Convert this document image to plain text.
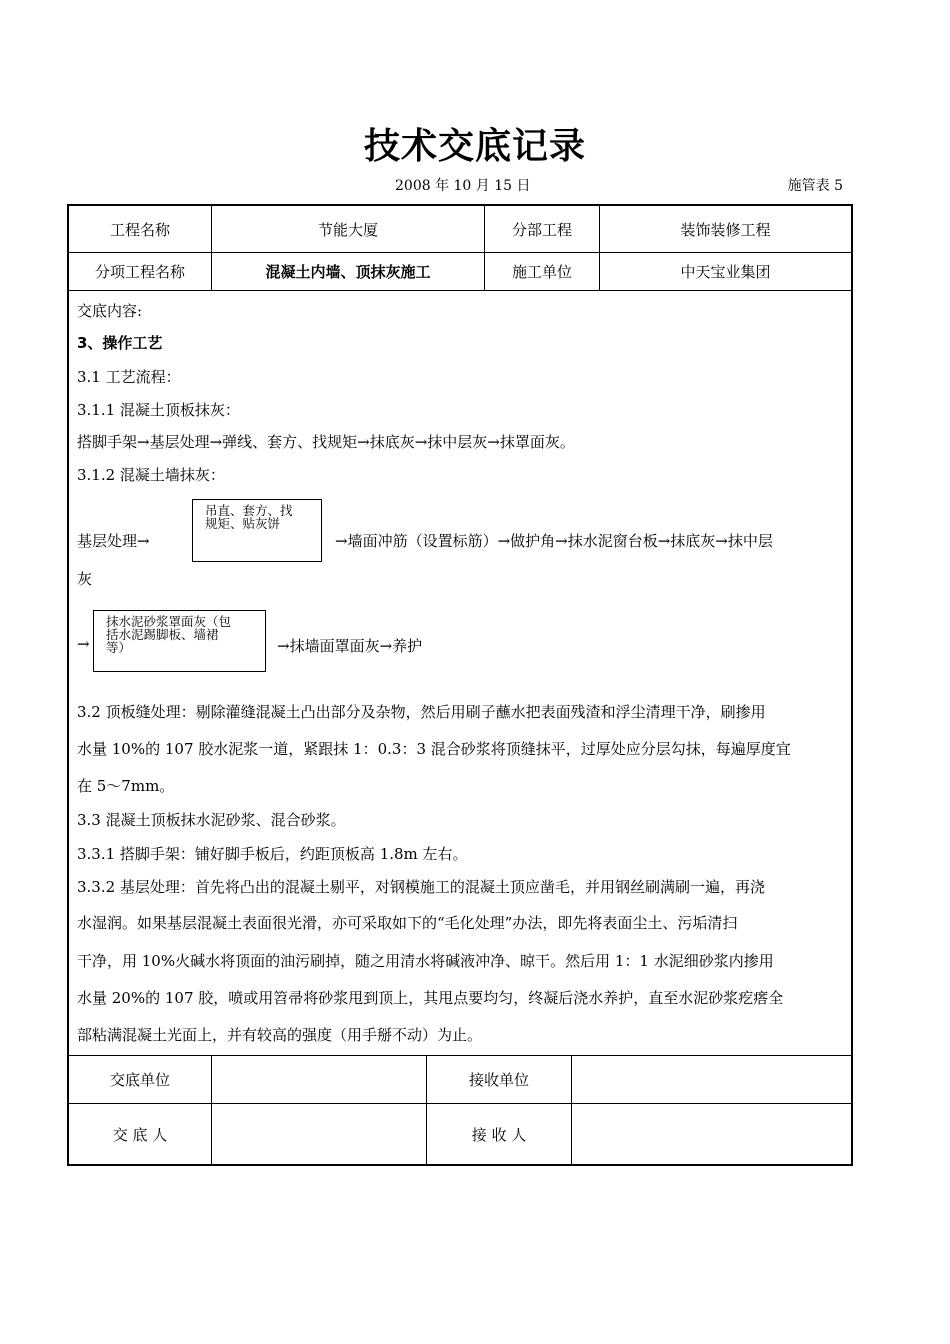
技术交底记录
2008 年 10 月 15 日	施管表 5
工程名称	节能大厦	分部工程	装饰装修工程
分项工程名称	混凝土内墙、顶抹灰施工	施工单位	中天宝业集团
交底内容:
3、操作工艺
3.1 工艺流程：
3.1.1 混凝土顶板抹灰：
搭脚手架→基层处理→弹线、套方、找规矩→抹底灰→抹中层灰→抹罩面灰。
3.1.2 混凝土墙抹灰：
基层处理→
吊直、套方、找
规矩、贴灰饼
→墙面冲筋（设置标筋）→做护角→抹水泥窗台板→抹底灰→抹中层
灰
→
抹水泥砂浆罩面灰（包
括水泥踢脚板、墙裙
等）	→抹墙面罩面灰→养护
3.2 顶板缝处理：剔除灌缝混凝土凸出部分及杂物，然后用刷子蘸水把表面残渣和浮尘清理干净，刷掺用
水量 10%的 107 胶水泥浆一道，紧跟抹 1：0.3：3 混合砂浆将顶缝抹平，过厚处应分层勾抹，每遍厚度宜
在 5～7mm。
3.3 混凝土顶板抹水泥砂浆、混合砂浆。
3.3.1 搭脚手架：铺好脚手板后，约距顶板高 1.8m 左右。
3.3.2 基层处理：首先将凸出的混凝土剔平，对钢模施工的混凝土顶应凿毛，并用钢丝刷满刷一遍，再浇
水湿润。如果基层混凝土表面很光滑，亦可采取如下的“毛化处理”办法，即先将表面尘土、污垢清扫
干净，用 10%火碱水将顶面的油污刷掉，随之用清水将碱液冲净、晾干。然后用 1：1 水泥细砂浆内掺用
水量 20%的 107 胶，喷或用笤帚将砂浆甩到顶上，其甩点要均匀，终凝后浇水养护，直至水泥砂浆疙瘩全
部粘满混凝土光面上，并有较高的强度（用手掰不动）为止。
交底单位	接收单位
交 底 人	接 收 人
